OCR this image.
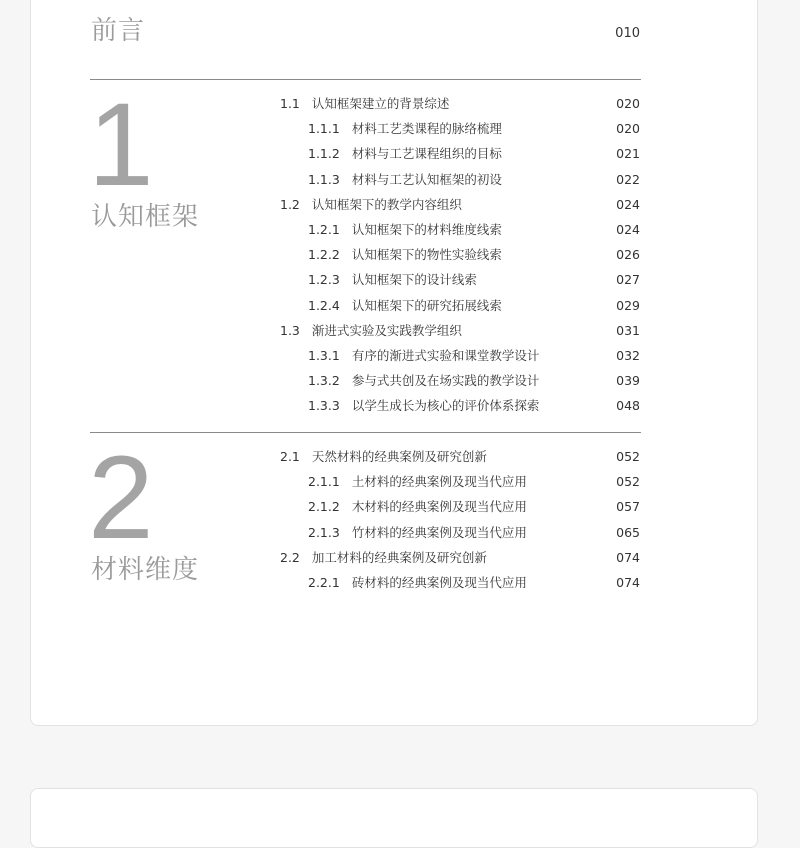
前言	010
1
认知框架
1.1 认知框架建立的背景综述	020
1.1.1 材料工艺类课程的脉络梳理	020
1.1.2 材料与工艺课程组织的目标	021
1.1.3 材料与工艺认知框架的初设	022
1.2 认知框架下的教学内容组织	024
1.2.1 认知框架下的材料维度线索	024
1.2.2 认知框架下的物性实验线索	026
1.2.3 认知框架下的设计线索	027
1.2.4 认知框架下的研究拓展线索	029
1.3 渐进式实验及实践教学组织	031
1.3.1 有序的渐进式实验和课堂教学设计	032
1.3.2 参与式共创及在场实践的教学设计	039
1.3.3 以学生成长为核心的评价体系探索	048
2
材料维度
2.1 天然材料的经典案例及研究创新	052
2.1.1 土材料的经典案例及现当代应用	052
2.1.2 木材料的经典案例及现当代应用	057
2.1.3 竹材料的经典案例及现当代应用	065
2.2 加工材料的经典案例及研究创新	074
2.2.1 砖材料的经典案例及现当代应用	074
